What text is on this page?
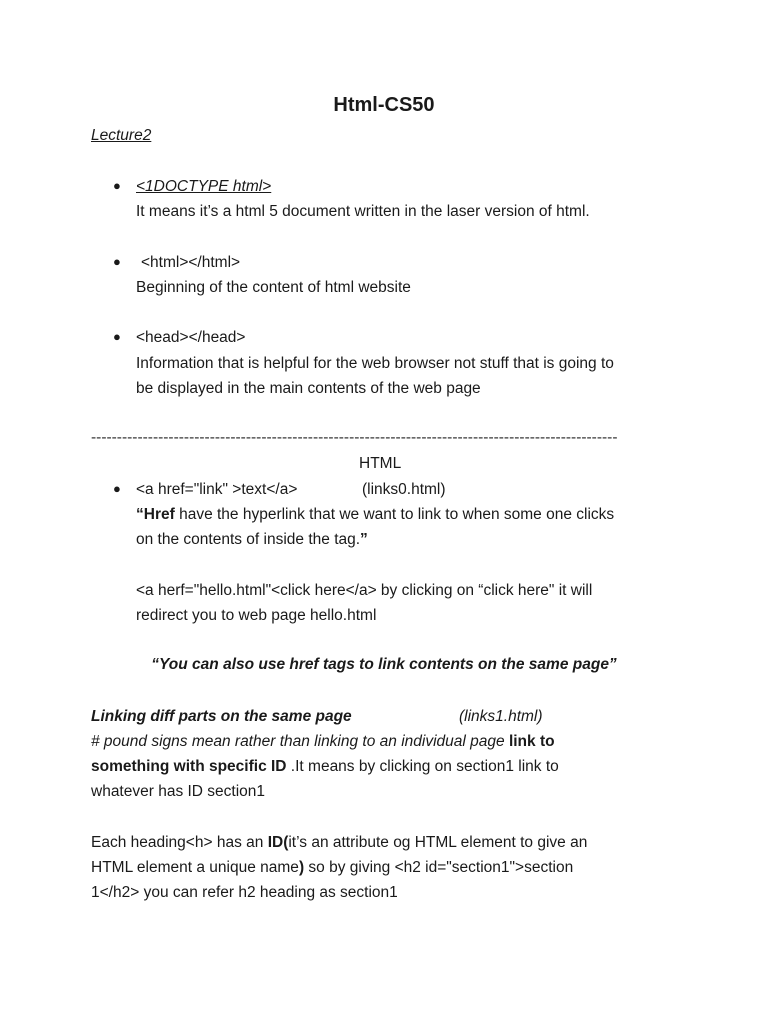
Html-CS50
Lecture2
● <1DOCTYPE html>
It means it’s a html 5 document written in the laser version of html.
● <html></html>
Beginning of the content of html website
● <head></head>
Information that is helpful for the web browser not stuff that is going to
be displayed in the main contents of the web page
------------------------------------------------------------------------------------------------------
HTML
● <a href="link" >text</a>	(links0.html)
“Href have the hyperlink that we want to link to when some one clicks
on the contents of inside the tag.”
<a herf="hello.html"<click here</a> by clicking on “click here" it will
redirect you to web page hello.html
“You can also use href tags to link contents on the same page”
Linking diff parts on the same page	(links1.html)
# pound signs mean rather than linking to an individual page link to
something with specific ID .It means by clicking on section1 link to
whatever has ID section1
Each heading<h> has an ID(it’s an attribute og HTML element to give an
HTML element a unique name) so by giving <h2 id="section1">section
1</h2> you can refer h2 heading as section1
